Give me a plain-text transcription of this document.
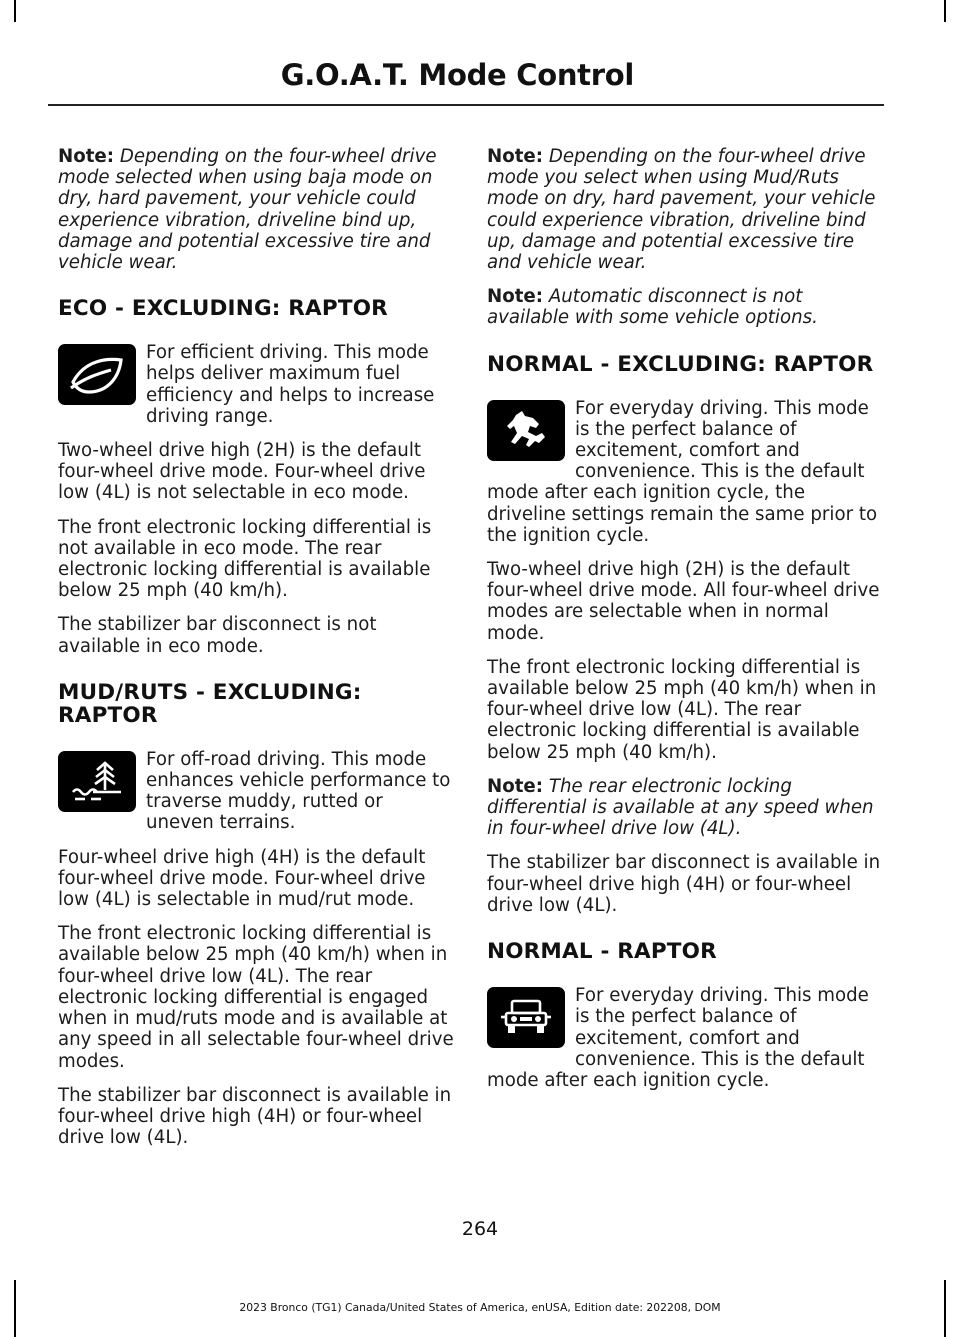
G.O.A.T. Mode Control

Note: Depending on the four-wheel drive mode selected when using baja mode on dry, hard pavement, your vehicle could experience vibration, driveline bind up, damage and potential excessive tire and vehicle wear.

ECO - EXCLUDING: RAPTOR

For efficient driving. This mode helps deliver maximum fuel efficiency and helps to increase driving range.

Two-wheel drive high (2H) is the default four-wheel drive mode. Four-wheel drive low (4L) is not selectable in eco mode.

The front electronic locking differential is not available in eco mode. The rear electronic locking differential is available below 25 mph (40 km/h).

The stabilizer bar disconnect is not available in eco mode.

MUD/RUTS - EXCLUDING: RAPTOR

For off-road driving. This mode enhances vehicle performance to traverse muddy, rutted or uneven terrains.

Four-wheel drive high (4H) is the default four-wheel drive mode. Four-wheel drive low (4L) is selectable in mud/rut mode.

The front electronic locking differential is available below 25 mph (40 km/h) when in four-wheel drive low (4L). The rear electronic locking differential is engaged when in mud/ruts mode and is available at any speed in all selectable four-wheel drive modes.

The stabilizer bar disconnect is available in four-wheel drive high (4H) or four-wheel drive low (4L).

Note: Depending on the four-wheel drive mode you select when using Mud/Ruts mode on dry, hard pavement, your vehicle could experience vibration, driveline bind up, damage and potential excessive tire and vehicle wear.

Note: Automatic disconnect is not available with some vehicle options.

NORMAL - EXCLUDING: RAPTOR

For everyday driving. This mode is the perfect balance of excitement, comfort and convenience. This is the default mode after each ignition cycle, the driveline settings remain the same prior to the ignition cycle.

Two-wheel drive high (2H) is the default four-wheel drive mode. All four-wheel drive modes are selectable when in normal mode.

The front electronic locking differential is available below 25 mph (40 km/h) when in four-wheel drive low (4L). The rear electronic locking differential is available below 25 mph (40 km/h).

Note: The rear electronic locking differential is available at any speed when in four-wheel drive low (4L).

The stabilizer bar disconnect is available in four-wheel drive high (4H) or four-wheel drive low (4L).

NORMAL - RAPTOR

For everyday driving. This mode is the perfect balance of excitement, comfort and convenience. This is the default mode after each ignition cycle.

264
2023 Bronco (TG1) Canada/United States of America, enUSA, Edition date: 202208, DOM
